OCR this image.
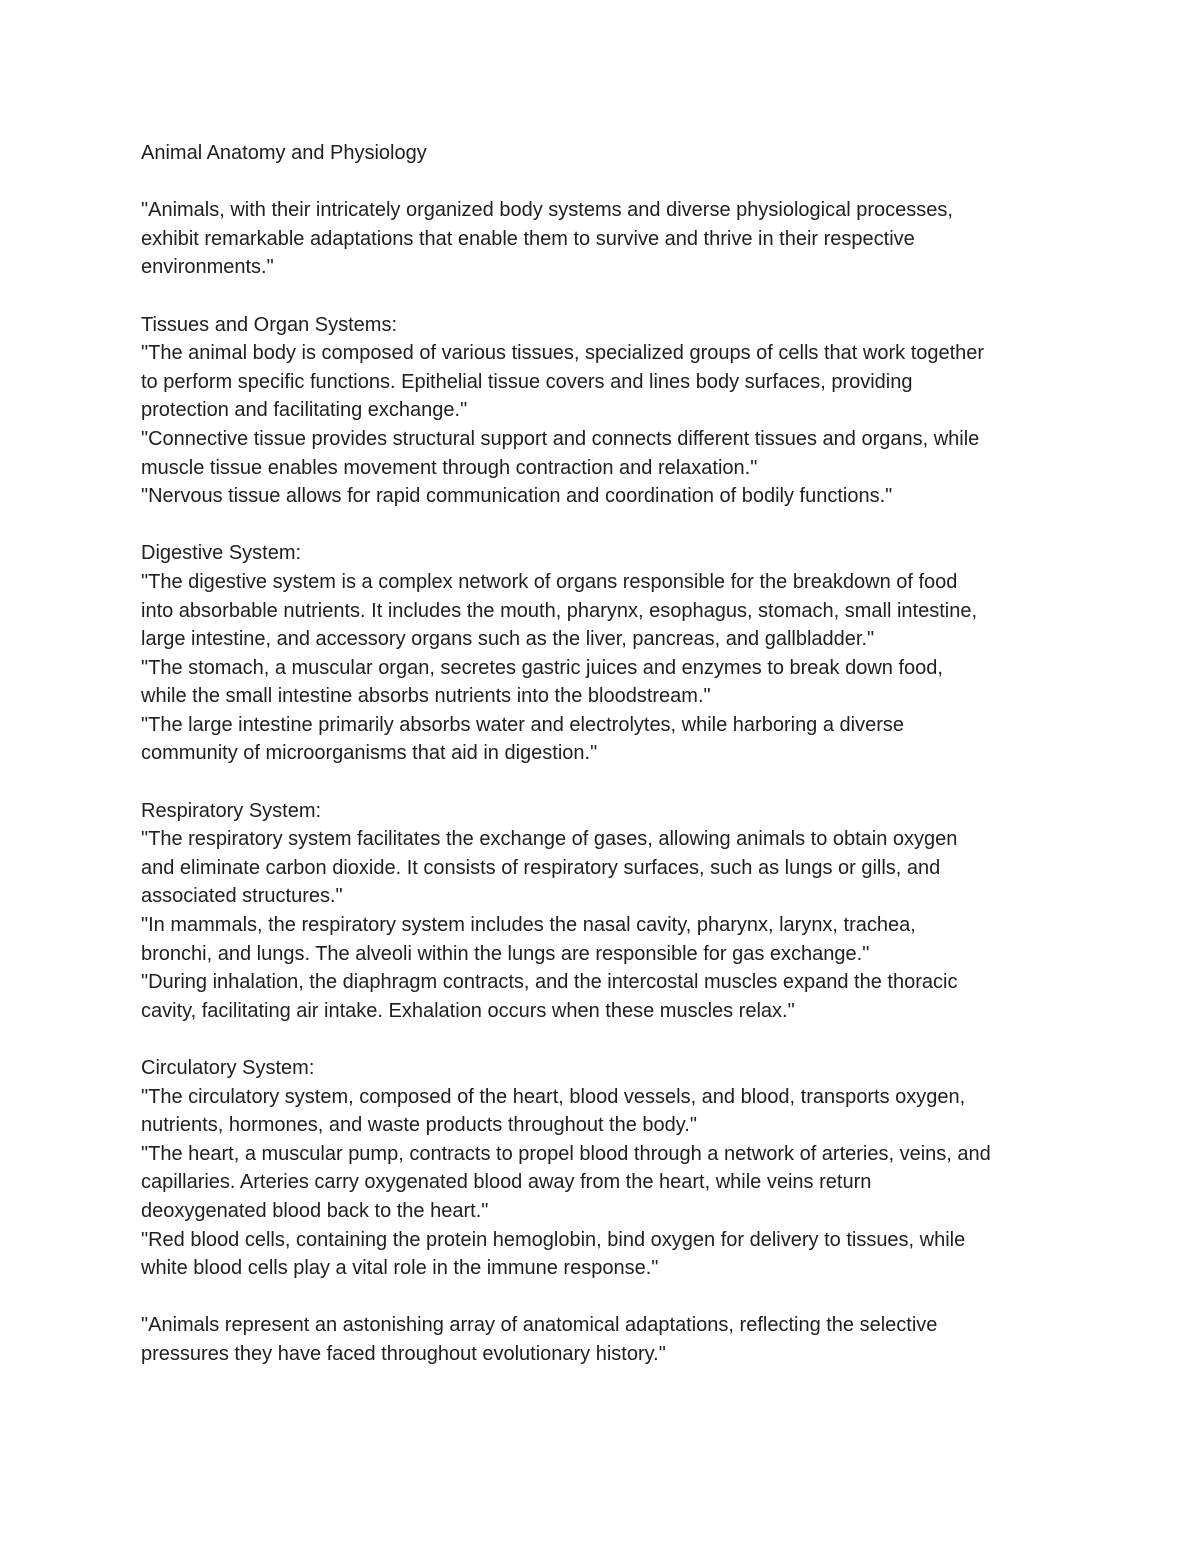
Animal Anatomy and Physiology

"Animals, with their intricately organized body systems and diverse physiological processes,

exhibit remarkable adaptations that enable them to survive and thrive in their respective

environments."

Tissues and Organ Systems:

"The animal body is composed of various tissues, specialized groups of cells that work together

to perform specific functions. Epithelial tissue covers and lines body surfaces, providing

protection and facilitating exchange."

"Connective tissue provides structural support and connects different tissues and organs, while

muscle tissue enables movement through contraction and relaxation."

"Nervous tissue allows for rapid communication and coordination of bodily functions."

Digestive System:

"The digestive system is a complex network of organs responsible for the breakdown of food

into absorbable nutrients. It includes the mouth, pharynx, esophagus, stomach, small intestine,

large intestine, and accessory organs such as the liver, pancreas, and gallbladder."

"The stomach, a muscular organ, secretes gastric juices and enzymes to break down food,

while the small intestine absorbs nutrients into the bloodstream."

"The large intestine primarily absorbs water and electrolytes, while harboring a diverse

community of microorganisms that aid in digestion."

Respiratory System:

"The respiratory system facilitates the exchange of gases, allowing animals to obtain oxygen

and eliminate carbon dioxide. It consists of respiratory surfaces, such as lungs or gills, and

associated structures."

"In mammals, the respiratory system includes the nasal cavity, pharynx, larynx, trachea,

bronchi, and lungs. The alveoli within the lungs are responsible for gas exchange."

"During inhalation, the diaphragm contracts, and the intercostal muscles expand the thoracic

cavity, facilitating air intake. Exhalation occurs when these muscles relax."

Circulatory System:

"The circulatory system, composed of the heart, blood vessels, and blood, transports oxygen,

nutrients, hormones, and waste products throughout the body."

"The heart, a muscular pump, contracts to propel blood through a network of arteries, veins, and

capillaries. Arteries carry oxygenated blood away from the heart, while veins return

deoxygenated blood back to the heart."

"Red blood cells, containing the protein hemoglobin, bind oxygen for delivery to tissues, while

white blood cells play a vital role in the immune response."

"Animals represent an astonishing array of anatomical adaptations, reflecting the selective

pressures they have faced throughout evolutionary history."
